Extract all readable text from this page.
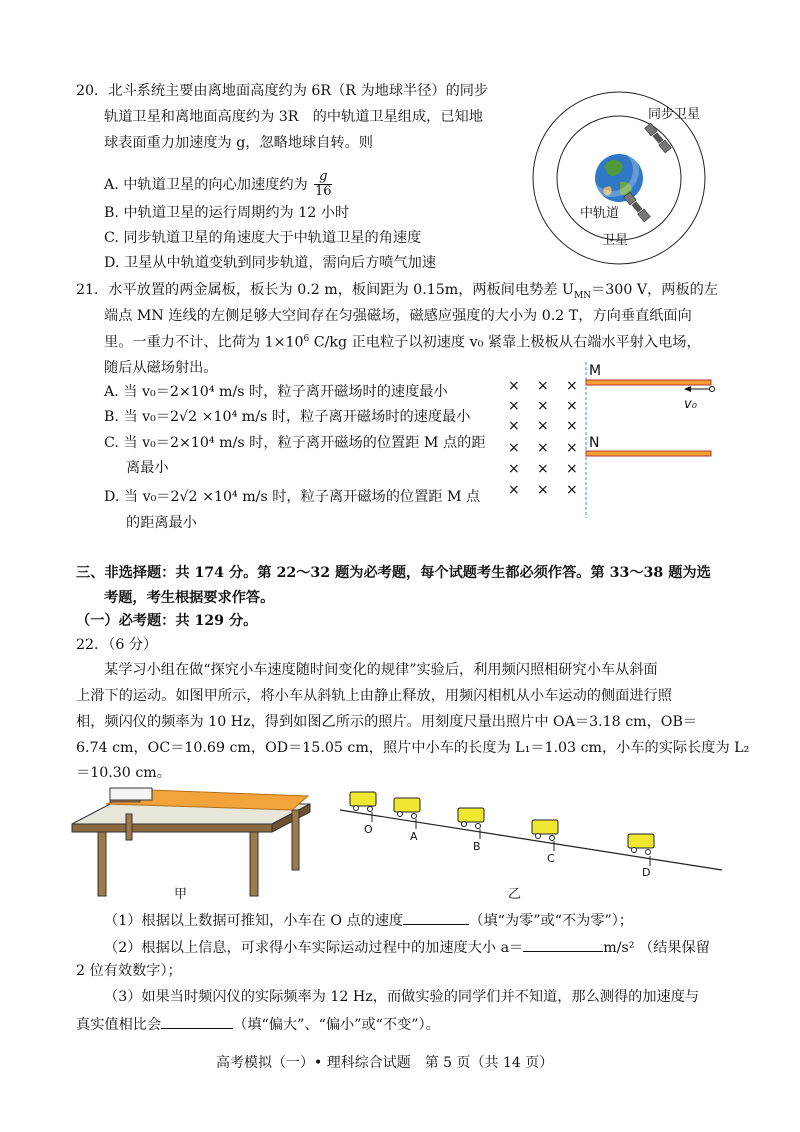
20．北斗系统主要由离地面高度约为 6R（R 为地球半径）的同步
轨道卫星和离地面高度约为 3R　的中轨道卫星组成，已知地
球表面重力加速度为 g，忽略地球自转。则
A. 中轨道卫星的向心加速度约为 $\frac{g}{16}$
B. 中轨道卫星的运行周期约为 12 小时
C. 同步轨道卫星的角速度大于中轨道卫星的角速度
D. 卫星从中轨道变轨到同步轨道，需向后方喷气加速
同步卫星
中轨道
卫星
21．水平放置的两金属板，板长为 0.2 m，板间距为 0.15m，两板间电势差 $U_{MN}=300$ V，两板的左
端点 MN 连线的左侧足够大空间存在匀强磁场，磁感应强度的大小为 0.2 T，方向垂直纸面向
里。一重力不计、比荷为 $1\times 10^6$ C/kg 正电粒子以初速度 v₀ 紧靠上极板从右端水平射入电场，
随后从磁场射出。
A. 当 v₀＝2×10⁴ m/s 时，粒子离开磁场时的速度最小
B. 当 v₀＝2√2 ×10⁴ m/s 时，粒子离开磁场时的速度最小
C. 当 v₀＝2×10⁴ m/s 时，粒子离开磁场的位置距 M 点的距
离最小
D. 当 v₀＝2√2 ×10⁴ m/s 时，粒子离开磁场的位置距 M 点
的距离最小
× × ×
× × ×
× × ×
× × ×
× × ×
× × ×
M
N
v₀
三、非选择题：共 174 分。第 22～32 题为必考题，每个试题考生都必须作答。第 33～38 题为选
考题，考生根据要求作答。
（一）必考题：共 129 分。
22．（6 分）
某学习小组在做“探究小车速度随时间变化的规律”实验后，利用频闪照相研究小车从斜面
上滑下的运动。如图甲所示，将小车从斜轨上由静止释放，用频闪相机从小车运动的侧面进行照
相，频闪仪的频率为 10 Hz，得到如图乙所示的照片。用刻度尺量出照片中 OA＝3.18 cm，OB＝
6.74 cm，OC＝10.69 cm，OD＝15.05 cm，照片中小车的长度为 L₁＝1.03 cm，小车的实际长度为 L₂
＝10.30 cm。
甲
O
A
B
C
D
乙
（1）根据以上数据可推知，小车在 O 点的速度	（填“为零”或“不为零”）；
（2）根据以上信息，可求得小车实际运动过程中的加速度大小 a＝	m/s² （结果保留
2 位有效数字）；
（3）如果当时频闪仪的实际频率为 12 Hz，而做实验的同学们并不知道，那么测得的加速度与
真实值相比会	（填“偏大”、“偏小”或“不变”）。
高考模拟（一）• 理科综合试题　第 5 页（共 14 页）
